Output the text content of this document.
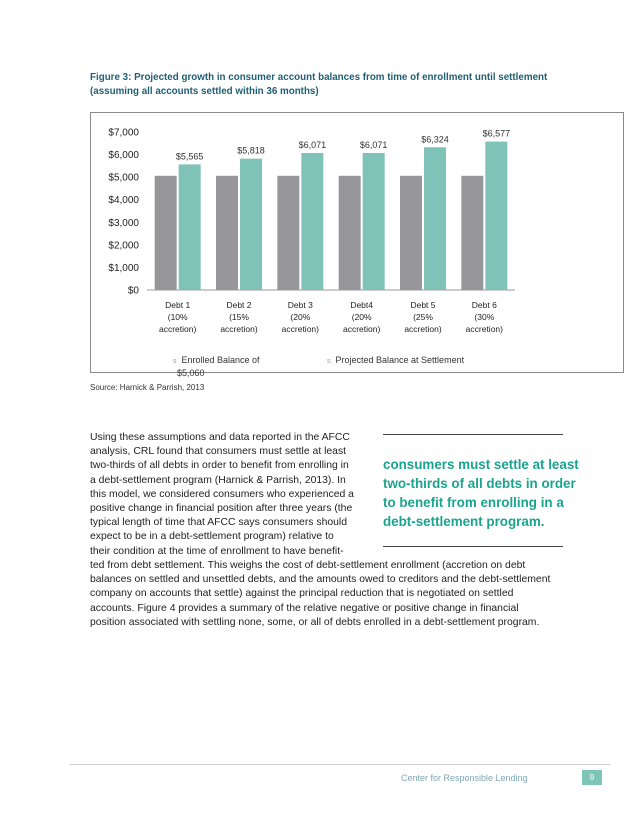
Figure 3: Projected growth in consumer account balances from time of enrollment until settlement
(assuming all accounts settled within 36 months)
$0
$1,000
$2,000
$3,000
$4,000
$5,000
$6,000
$7,000
$5,565
Debt 1
(10%
accretion)
$5,818
Debt 2
(15%
accretion)
$6,071
Debt 3
(20%
accretion)
$6,071
Debt4
(20%
accretion)
$6,324
Debt 5
(25%
accretion)
$6,577
Debt 6
(30%
accretion)
s Enrolled Balance of
$5,060
s Projected Balance at Settlement
Source: Harnick & Parrish, 2013
Using these assumptions and data reported in the AFCC
analysis, CRL found that consumers must settle at least
two-thirds of all debts in order to benefit from enrolling in
a debt-settlement program (Harnick & Parrish, 2013). In
this model, we considered consumers who experienced a
positive change in financial position after three years (the
typical length of time that AFCC says consumers should
expect to be in a debt-settlement program) relative to
their condition at the time of enrollment to have benefit-
ted from debt settlement. This weighs the cost of debt-settlement enrollment (accretion on debt
balances on settled and unsettled debts, and the amounts owed to creditors and the debt-settlement
company on accounts that settle) against the principal reduction that is negotiated on settled
accounts. Figure 4 provides a summary of the relative negative or positive change in financial
position associated with settling none, some, or all of debts enrolled in a debt-settlement program.
consumers must settle at least
two-thirds of all debts in order
to benefit from enrolling in a
debt-settlement program.
Center for Responsible Lending	9
